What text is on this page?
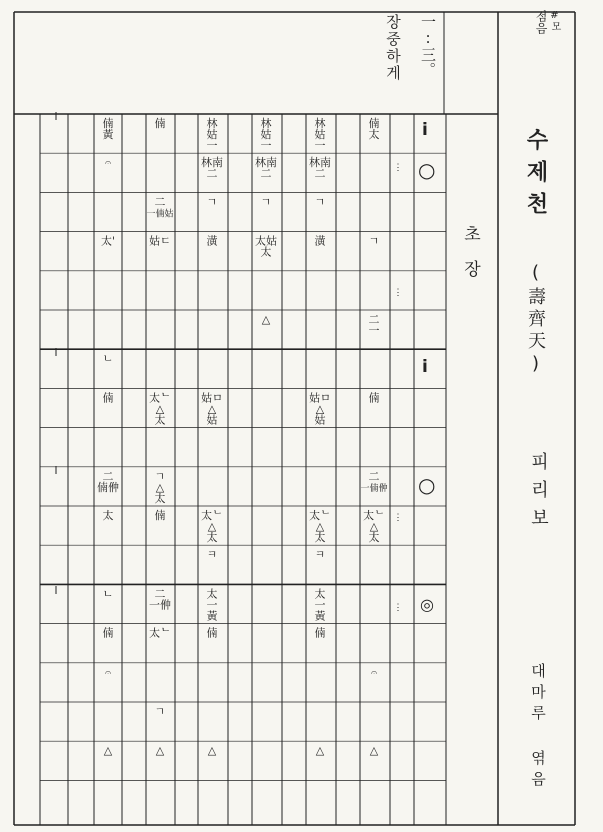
㑲
黃
𝄐
太'
ㄴ
㑲
二
㑲㑖
太
ㄴ
㑲
𝄐
△
㑲
二
一㑲姑
姑ㄷ
太ᄂ
△
太
ㄱ
△
太
㑲
二
一㑖
太ᄂ
ㄱ
△
林
姑
一
林南
二
ㄱ
潢
姑ㅁ
△
姑
太ᄂ
△
太
ㅋ
太
一
黃
㑲
△
林
姑
一
林南
二
ㄱ
太姑
太
△
林
姑
一
林南
二
ㄱ
潢
姑ㅁ
△
姑
太ᄂ
△
太
ㅋ
太
一
黃
㑲
△
㑲
太
ㄱ
二
一
㑲
二
一㑲㑖
太ᄂ
△
太
𝄐
△
⋮
⋮
⋮
⋮
점음 #모
수제천
(壽齊天)
피리보
대마루 엮음
장중하게 一:三。
초장
i
○
i
○
◎
